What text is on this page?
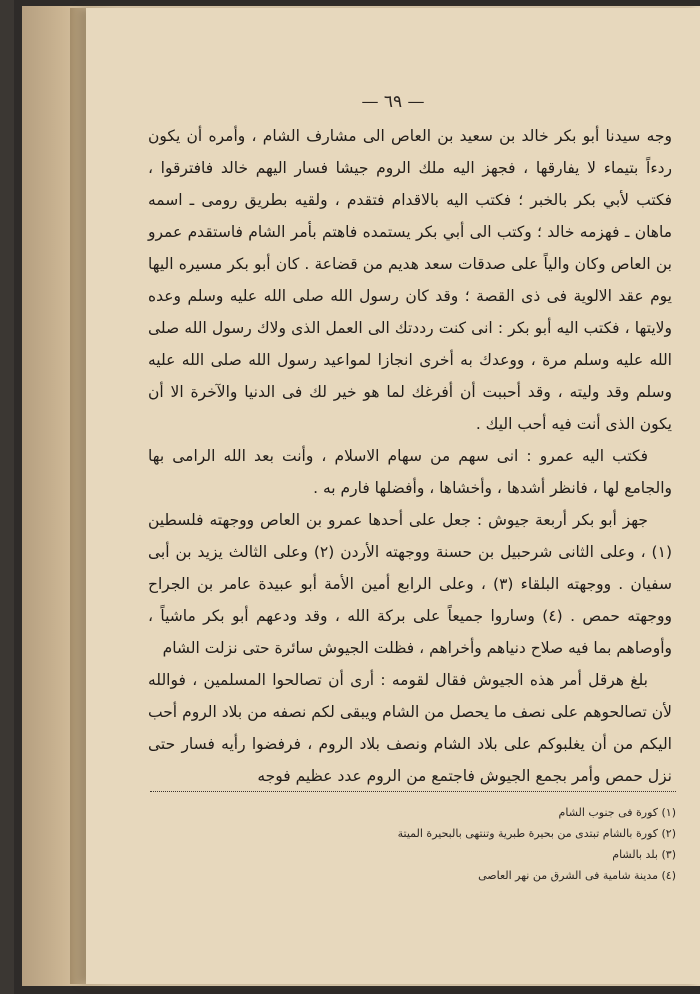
— ٦٩ —

وجه سيدنا أبو بكر خالد بن سعيد بن العاص الى مشارف الشام ، وأمره أن يكون ردءاً بتيماء لا يفارقها ، فجهز اليه ملك الروم جيشا فسار اليهم خالد فافترقوا ، فكتب لأبي بكر بالخبر ؛ فكتب اليه بالاقدام فتقدم ، ولقيه بطريق رومى ـ اسمه ماهان ـ فهزمه خالد ؛ وكتب الى أبي بكر يستمده فاهتم بأمر الشام فاستقدم عمرو بن العاص وكان والياً على صدقات سعد هديم من قضاعة . كان أبو بكر مسيره اليها يوم عقد الالوية فى ذى القصة ؛ وقد كان رسول الله صلى الله عليه وسلم وعده ولايتها ، فكتب اليه أبو بكر : انى كنت رددتك الى العمل الذى ولاك رسول الله صلى الله عليه وسلم مرة ، ووعدك به أخرى انجازا لمواعيد رسول الله صلى الله عليه وسلم وقد وليته ، وقد أحببت أن أفرغك لما هو خير لك فى الدنيا والآخرة الا أن يكون الذى أنت فيه أحب اليك .

فكتب اليه عمرو : انى سهم من سهام الاسلام ، وأنت بعد الله الرامى بها والجامع لها ، فانظر أشدها ، وأخشاها ، وأفضلها فارم به .

جهز أبو بكر أربعة جيوش : جعل على أحدها عمرو بن العاص ووجهته فلسطين (١) ، وعلى الثانى شرحبيل بن حسنة ووجهته الأردن (٢) وعلى الثالث يزيد بن أبى سفيان . ووجهته البلقاء (٣) ، وعلى الرابع أمين الأمة أبو عبيدة عامر بن الجراح ووجهته حمص . (٤) وساروا جميعاً على بركة الله ، وقد ودعهم أبو بكر ماشياً ، وأوصاهم بما فيه صلاح دنياهم وأخراهم ، فظلت الجيوش سائرة حتى نزلت الشام

بلغ هرقل أمر هذه الجيوش فقال لقومه : أرى أن تصالحوا المسلمين ، فوالله لأن تصالحوهم على نصف ما يحصل من الشام ويبقى لكم نصفه من بلاد الروم أحب اليكم من أن يغلبوكم على بلاد الشام ونصف بلاد الروم ، فرفضوا رأيه فسار حتى نزل حمص وأمر بجمع الجيوش فاجتمع من الروم عدد عظيم فوجه

(١) كورة فى جنوب الشام
(٢) كورة بالشام تبتدى من بحيرة طبرية وتنتهى بالبحيرة الميتة
(٣) بلد بالشام
(٤) مدينة شامية فى الشرق من نهر العاصى
